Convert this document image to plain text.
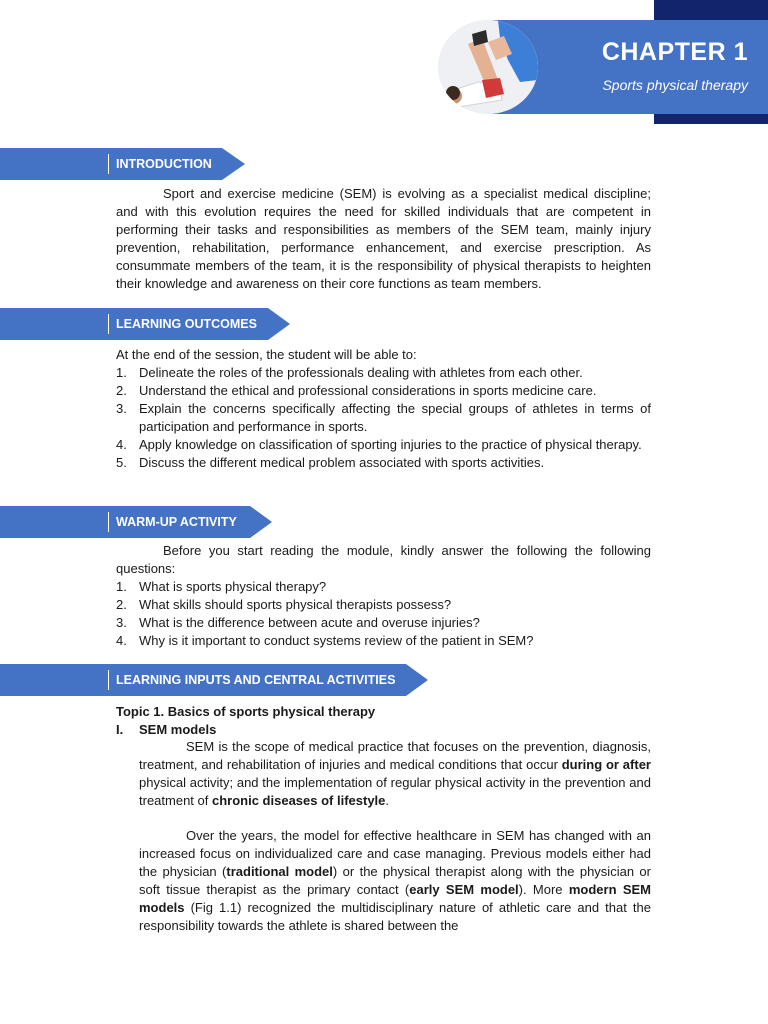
CHAPTER 1
Sports physical therapy
INTRODUCTION
Sport and exercise medicine (SEM) is evolving as a specialist medical discipline; and with this evolution requires the need for skilled individuals that are competent in performing their tasks and responsibilities as members of the SEM team, mainly injury prevention, rehabilitation, performance enhancement, and exercise prescription. As consummate members of the team, it is the responsibility of physical therapists to heighten their knowledge and awareness on their core functions as team members.
LEARNING OUTCOMES
At the end of the session, the student will be able to:
1. Delineate the roles of the professionals dealing with athletes from each other.
2. Understand the ethical and professional considerations in sports medicine care.
3. Explain the concerns specifically affecting the special groups of athletes in terms of participation and performance in sports.
4. Apply knowledge on classification of sporting injuries to the practice of physical therapy.
5. Discuss the different medical problem associated with sports activities.
WARM-UP ACTIVITY
Before you start reading the module, kindly answer the following the following questions:
1. What is sports physical therapy?
2. What skills should sports physical therapists possess?
3. What is the difference between acute and overuse injuries?
4. Why is it important to conduct systems review of the patient in SEM?
LEARNING INPUTS AND CENTRAL ACTIVITIES
Topic 1. Basics of sports physical therapy
I. SEM models
SEM is the scope of medical practice that focuses on the prevention, diagnosis, treatment, and rehabilitation of injuries and medical conditions that occur during or after physical activity; and the implementation of regular physical activity in the prevention and treatment of chronic diseases of lifestyle.
Over the years, the model for effective healthcare in SEM has changed with an increased focus on individualized care and case managing. Previous models either had the physician (traditional model) or the physical therapist along with the physician or soft tissue therapist as the primary contact (early SEM model). More modern SEM models (Fig 1.1) recognized the multidisciplinary nature of athletic care and that the responsibility towards the athlete is shared between the
